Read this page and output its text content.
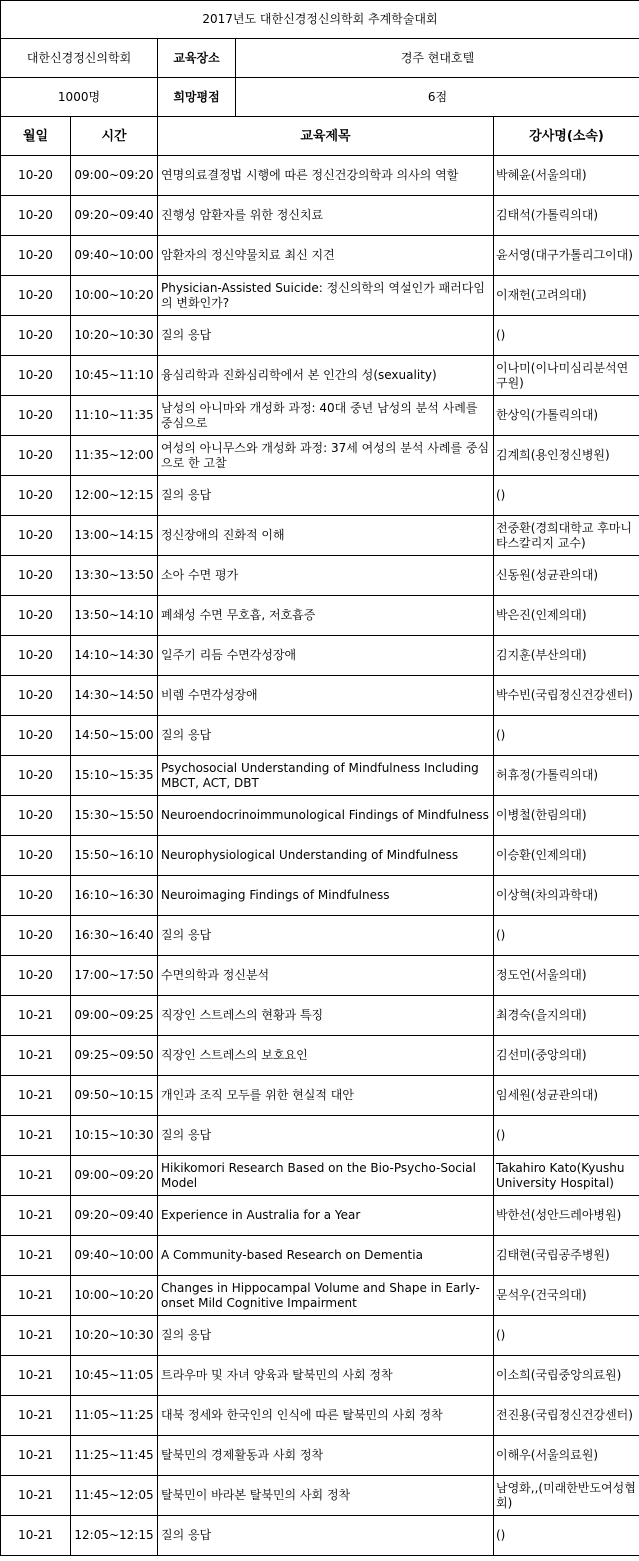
2017년도 대한신경정신의학회 추계학술대회				
대한신경정신의학회		교육장소	경주 현대호텔	
1000명		희망평점	6점	
월일	시간	교육제목		강사명(소속)
10-20	09:00~09:20	연명의료결정법 시행에 따른 정신건강의학과 의사의 역할		박혜윤(서울의대)
10-20	09:20~09:40	진행성 암환자를 위한 정신치료		김태석(가톨릭의대)
10-20	09:40~10:00	암환자의 정신약물치료 최신 지견		윤서영(대구가톨리그이대)
10-20	10:00~10:20	Physician-Assisted Suicide: 정신의학의 역설인가 패러다임의 변화인가?		이재헌(고려의대)
10-20	10:20~10:30	질의 응답		()
10-20	10:45~11:10	융심리학과 진화심리학에서 본 인간의 성(sexuality)		이나미(이나미심리분석연구원)
10-20	11:10~11:35	남성의 아니마와 개성화 과정: 40대 중년 남성의 분석 사례를 중심으로		한상익(가톨릭의대)
10-20	11:35~12:00	여성의 아니무스와 개성화 과정: 37세 여성의 분석 사례를 중심으로 한 고찰		김계희(용인정신병원)
10-20	12:00~12:15	질의 응답		()
10-20	13:00~14:15	정신장애의 진화적 이해		전중환(경희대학교 후마니타스칼리지 교수)
10-20	13:30~13:50	소아 수면 평가		신동원(성균관의대)
10-20	13:50~14:10	폐쇄성 수면 무호흡, 저호흡증		박은진(인제의대)
10-20	14:10~14:30	일주기 리듬 수면각성장애		김지훈(부산의대)
10-20	14:30~14:50	비렘 수면각성장애		박수빈(국립정신건강센터)
10-20	14:50~15:00	질의 응답		()
10-20	15:10~15:35	Psychosocial Understanding of Mindfulness Including MBCT, ACT, DBT		허휴정(가톨릭의대)
10-20	15:30~15:50	Neuroendocrinoimmunological Findings of Mindfulness		이병철(한림의대)
10-20	15:50~16:10	Neurophysiological Understanding of Mindfulness		이승환(인제의대)
10-20	16:10~16:30	Neuroimaging Findings of Mindfulness		이상혁(차의과학대)
10-20	16:30~16:40	질의 응답		()
10-20	17:00~17:50	수면의학과 정신분석		정도언(서울의대)
10-21	09:00~09:25	직장인 스트레스의 현황과 특징		최경숙(을지의대)
10-21	09:25~09:50	직장인 스트레스의 보호요인		김선미(중앙의대)
10-21	09:50~10:15	개인과 조직 모두를 위한 현실적 대안		임세원(성균관의대)
10-21	10:15~10:30	질의 응답		()
10-21	09:00~09:20	Hikikomori Research Based on the Bio-Psycho-Social Model		Takahiro Kato(Kyushu University Hospital)
10-21	09:20~09:40	Experience in Australia for a Year		박한선(성안드레아병원)
10-21	09:40~10:00	A Community-based Research on Dementia		김태현(국립공주병원)
10-21	10:00~10:20	Changes in Hippocampal Volume and Shape in Early-onset Mild Cognitive Impairment		문석우(건국의대)
10-21	10:20~10:30	질의 응답		()
10-21	10:45~11:05	트라우마 및 자녀 양육과 탈북민의 사회 정착		이소희(국립중앙의료원)
10-21	11:05~11:25	대북 정세와 한국인의 인식에 따른 탈북민의 사회 정착		전진용(국립정신건강센터)
10-21	11:25~11:45	탈북민의 경제활동과 사회 정착		이해우(서울의료원)
10-21	11:45~12:05	탈북민이 바라본 탈북민의 사회 정착		남영화,,(미래한반도여성협회)
10-21	12:05~12:15	질의 응답		()
